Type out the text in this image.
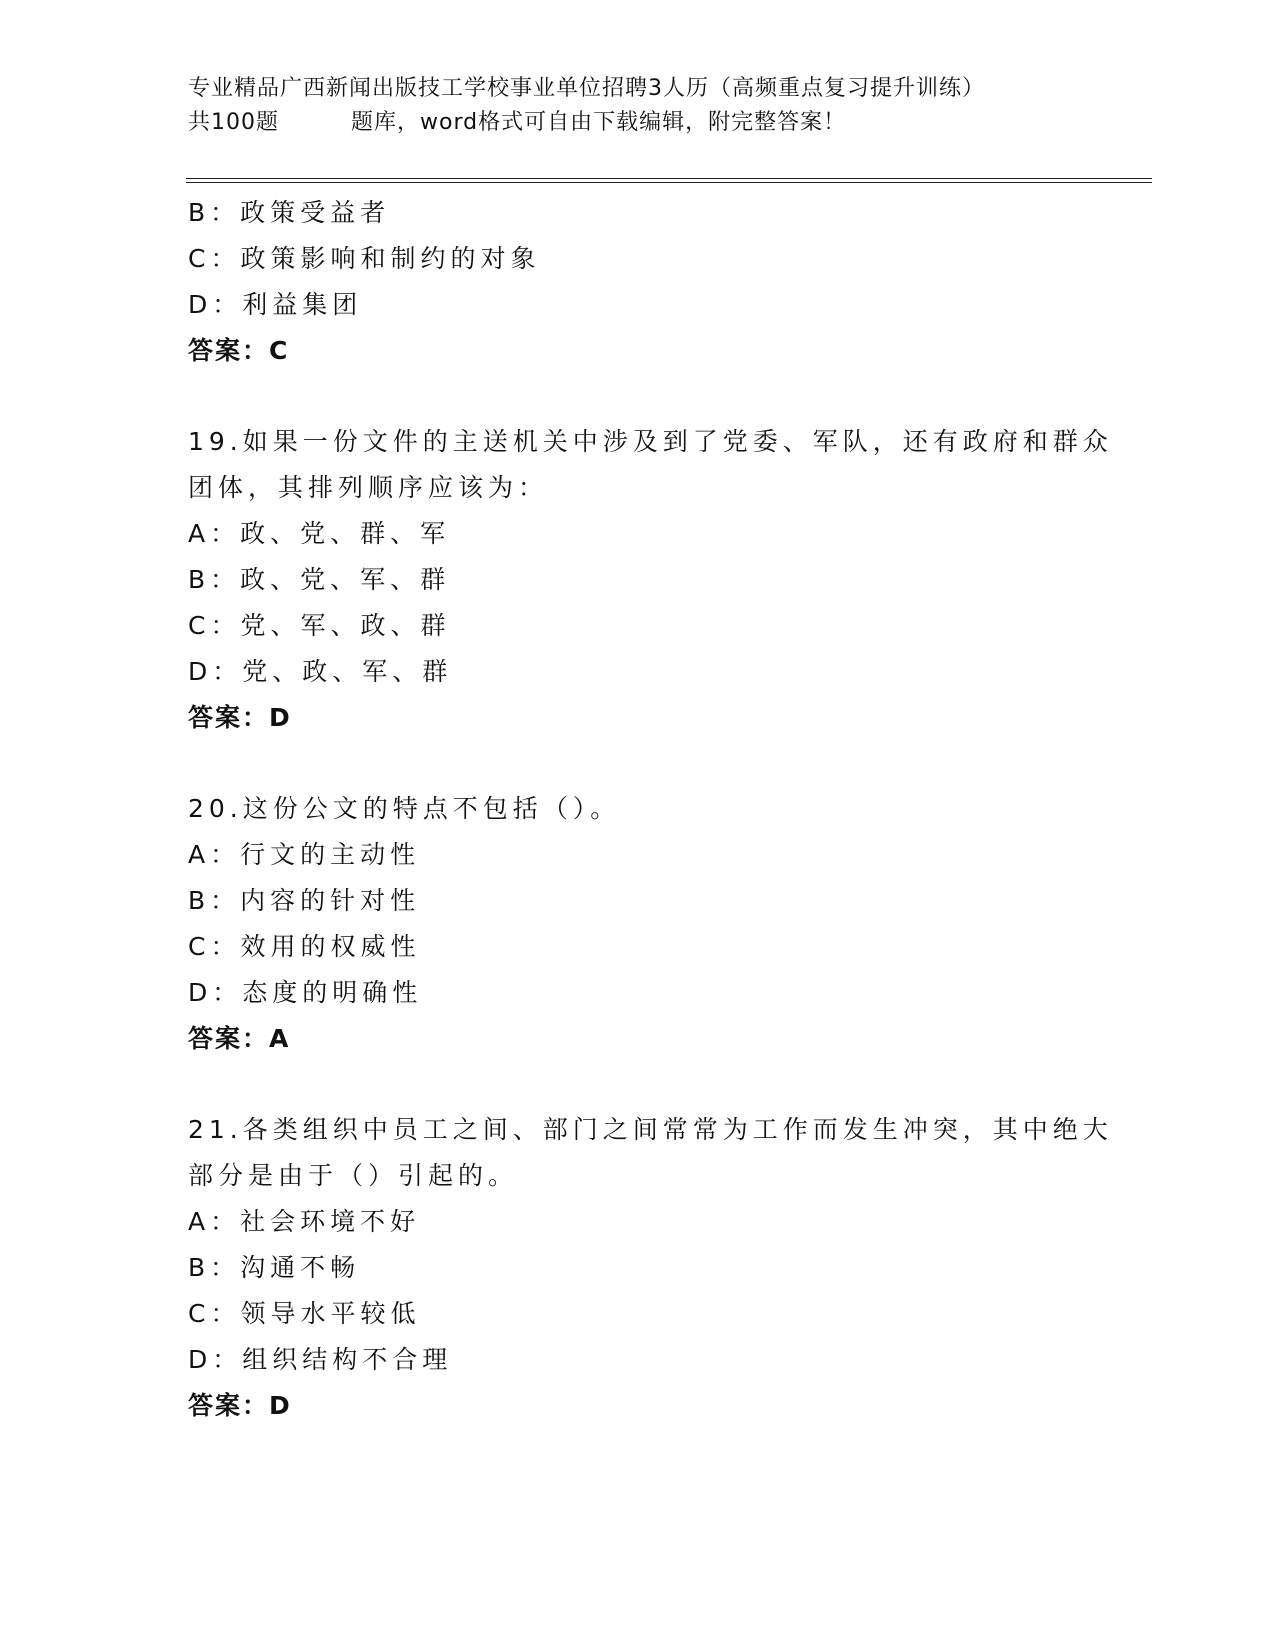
专业精品广西新闻出版技工学校事业单位招聘3人历（高频重点复习提升训练）
共100题	题库，word格式可自由下载编辑，附完整答案！
B：政策受益者
C：政策影响和制约的对象
D：利益集团
答案：C
19.如果一份文件的主送机关中涉及到了党委、军队，还有政府和群众
团体，其排列顺序应该为：
A：政、党、群、军
B：政、党、军、群
C：党、军、政、群
D：党、政、军、群
答案：D
20.这份公文的特点不包括（）。
A：行文的主动性
B：内容的针对性
C：效用的权威性
D：态度的明确性
答案：A
21.各类组织中员工之间、部门之间常常为工作而发生冲突，其中绝大
部分是由于（）引起的。
A：社会环境不好
B：沟通不畅
C：领导水平较低
D：组织结构不合理
答案：D
